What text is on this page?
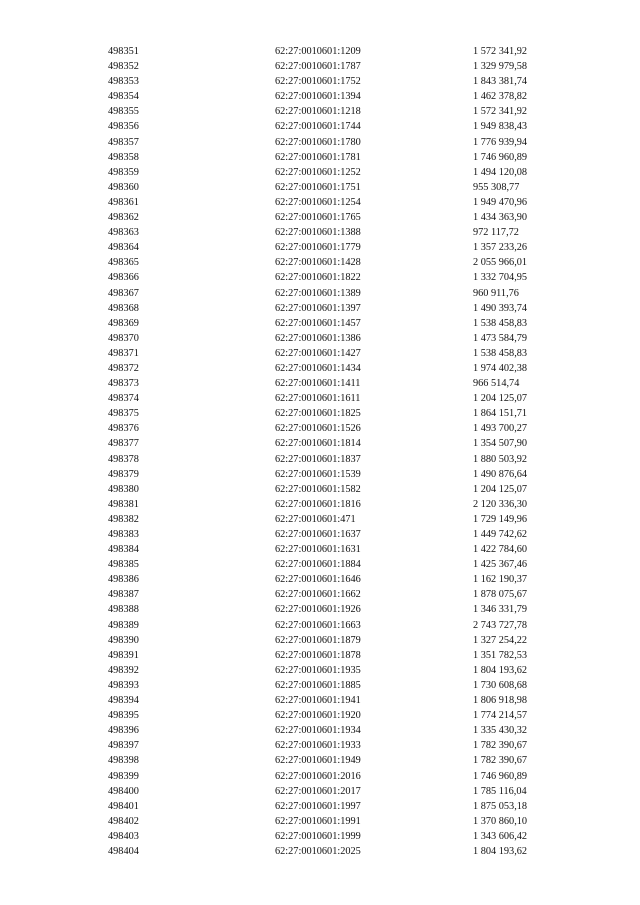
498351	62:27:0010601:1209	1 572 341,92
498352	62:27:0010601:1787	1 329 979,58
498353	62:27:0010601:1752	1 843 381,74
498354	62:27:0010601:1394	1 462 378,82
498355	62:27:0010601:1218	1 572 341,92
498356	62:27:0010601:1744	1 949 838,43
498357	62:27:0010601:1780	1 776 939,94
498358	62:27:0010601:1781	1 746 960,89
498359	62:27:0010601:1252	1 494 120,08
498360	62:27:0010601:1751	955 308,77
498361	62:27:0010601:1254	1 949 470,96
498362	62:27:0010601:1765	1 434 363,90
498363	62:27:0010601:1388	972 117,72
498364	62:27:0010601:1779	1 357 233,26
498365	62:27:0010601:1428	2 055 966,01
498366	62:27:0010601:1822	1 332 704,95
498367	62:27:0010601:1389	960 911,76
498368	62:27:0010601:1397	1 490 393,74
498369	62:27:0010601:1457	1 538 458,83
498370	62:27:0010601:1386	1 473 584,79
498371	62:27:0010601:1427	1 538 458,83
498372	62:27:0010601:1434	1 974 402,38
498373	62:27:0010601:1411	966 514,74
498374	62:27:0010601:1611	1 204 125,07
498375	62:27:0010601:1825	1 864 151,71
498376	62:27:0010601:1526	1 493 700,27
498377	62:27:0010601:1814	1 354 507,90
498378	62:27:0010601:1837	1 880 503,92
498379	62:27:0010601:1539	1 490 876,64
498380	62:27:0010601:1582	1 204 125,07
498381	62:27:0010601:1816	2 120 336,30
498382	62:27:0010601:471	1 729 149,96
498383	62:27:0010601:1637	1 449 742,62
498384	62:27:0010601:1631	1 422 784,60
498385	62:27:0010601:1884	1 425 367,46
498386	62:27:0010601:1646	1 162 190,37
498387	62:27:0010601:1662	1 878 075,67
498388	62:27:0010601:1926	1 346 331,79
498389	62:27:0010601:1663	2 743 727,78
498390	62:27:0010601:1879	1 327 254,22
498391	62:27:0010601:1878	1 351 782,53
498392	62:27:0010601:1935	1 804 193,62
498393	62:27:0010601:1885	1 730 608,68
498394	62:27:0010601:1941	1 806 918,98
498395	62:27:0010601:1920	1 774 214,57
498396	62:27:0010601:1934	1 335 430,32
498397	62:27:0010601:1933	1 782 390,67
498398	62:27:0010601:1949	1 782 390,67
498399	62:27:0010601:2016	1 746 960,89
498400	62:27:0010601:2017	1 785 116,04
498401	62:27:0010601:1997	1 875 053,18
498402	62:27:0010601:1991	1 370 860,10
498403	62:27:0010601:1999	1 343 606,42
498404	62:27:0010601:2025	1 804 193,62
